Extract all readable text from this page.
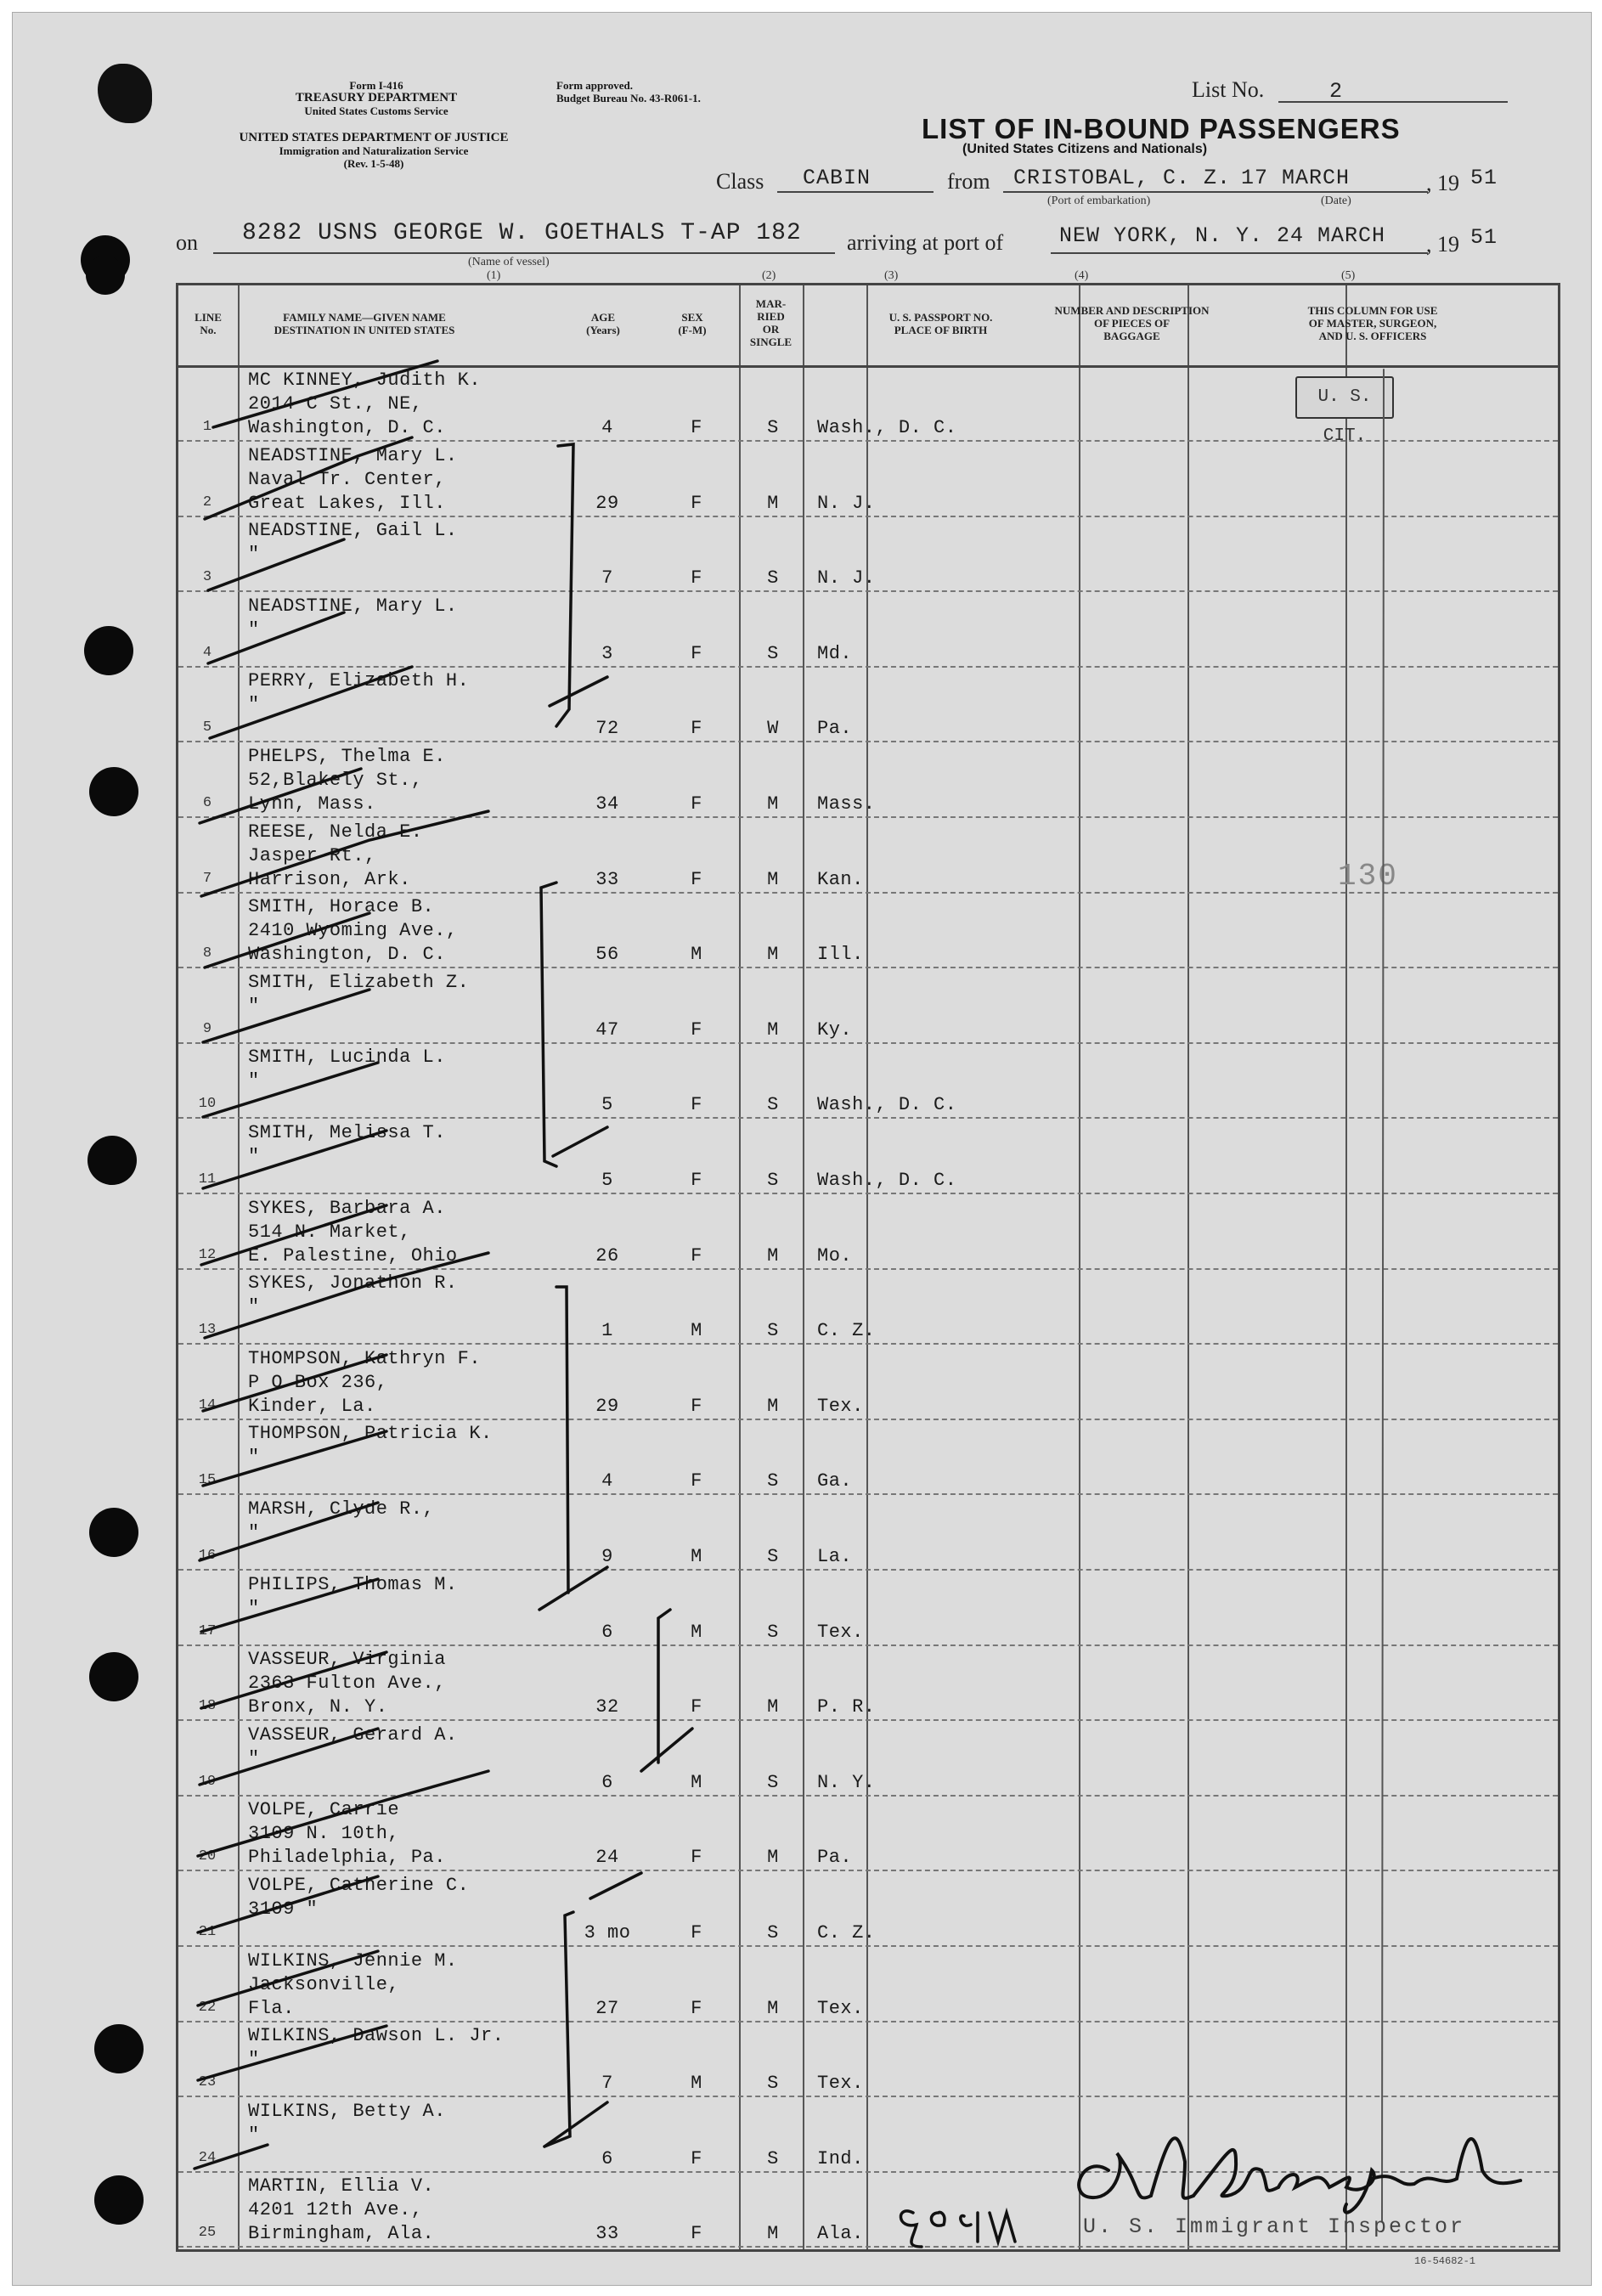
Form I-416
TREASURY DEPARTMENT
United States Customs Service
Form approved.
Budget Bureau No. 43-R061-1.
UNITED STATES DEPARTMENT OF JUSTICE
Immigration and Naturalization Service
(Rev. 1-5-48)
List No.	2
LIST OF IN-BOUND PASSENGERS
(United States Citizens and Nationals)
Class CABIN	from CRISTOBAL, C. Z. 17 MARCH	, 19 51
(Port of embarkation)	(Date)
on 8282 USNS GEORGE W. GOETHALS T-AP 182 arriving at port of	NEW YORK, N. Y. 24 MARCH , 19 51
(Name of vessel)
(1)	(2)	(3)	(4)	(5)
LINE
No.
FAMILY NAME—GIVEN NAME
DESTINATION IN UNITED STATES
AGE
(Years)
SEX
(F-M)
MAR-
RIED
OR
SINGLE
U. S. PASSPORT NO.
PLACE OF BIRTH
NUMBER AND DESCRIPTION
OF PIECES OF
BAGGAGE
THIS COLUMN FOR USE
OF MASTER, SURGEON,
AND U. S. OFFICERS
1
MC KINNEY, Judith K.
2014 C St., NE,
Washington, D. C.	4	F	S	Wash., D. C.
2
NEADSTINE, Mary L.
Naval Tr. Center,
Great Lakes, Ill.	29	F	M	N. J.
3
NEADSTINE, Gail L.
"
7	F	S	N. J.
4
NEADSTINE, Mary L.
"
3	F	S	Md.
5
PERRY, Elizabeth H.
"
72	F	W	Pa.
6
PHELPS, Thelma E.
52,Blakely St.,
Lynn, Mass.	34	F	M	Mass.
7
REESE, Nelda E.
Jasper Rt.,
Harrison, Ark.	33	F	M	Kan.
8
SMITH, Horace B.
2410 Wyoming Ave.,
Washington, D. C.	56	M	M	Ill.
9
SMITH, Elizabeth Z.
"
47	F	M	Ky.
10
SMITH, Lucinda L.
"
5	F	S	Wash., D. C.
11
SMITH, Melissa T.
"
5	F	S	Wash., D. C.
12
SYKES, Barbara A.
514 N. Market,
E. Palestine, Ohio	26	F	M	Mo.
13
SYKES, Jonathon R.
"
1	M	S	C. Z.
14
THOMPSON, Kathryn F.
P O Box 236,
Kinder, La.	29	F	M	Tex.
15
THOMPSON, Patricia K.
"
4	F	S	Ga.
16
MARSH, Clyde R.,
"
9	M	S	La.
17
PHILIPS, Thomas M.
"
6	M	S	Tex.
18
VASSEUR, Virginia
2363 Fulton Ave.,
Bronx, N. Y.	32	F	M	P. R.
19
VASSEUR, Gerard A.
"
6	M	S	N. Y.
20
VOLPE, Carrie
3109 N. 10th,
Philadelphia, Pa.	24	F	M	Pa.
21
VOLPE, Catherine C.
3109 "
3 mo	F	S	C. Z.
22
WILKINS, Jennie M.
Jacksonville,
Fla.	27	F	M	Tex.
23
WILKINS, Dawson L. Jr.
"
7	M	S	Tex.
24
WILKINS, Betty A.
"
6	F	S	Ind.
25
MARTIN, Ellia V.
4201 12th Ave.,
Birmingham, Ala.	33	F	M	Ala.
U. S. CIT.
130
AW Snengaard
U. S. Immigrant Inspector
16-54682-1
